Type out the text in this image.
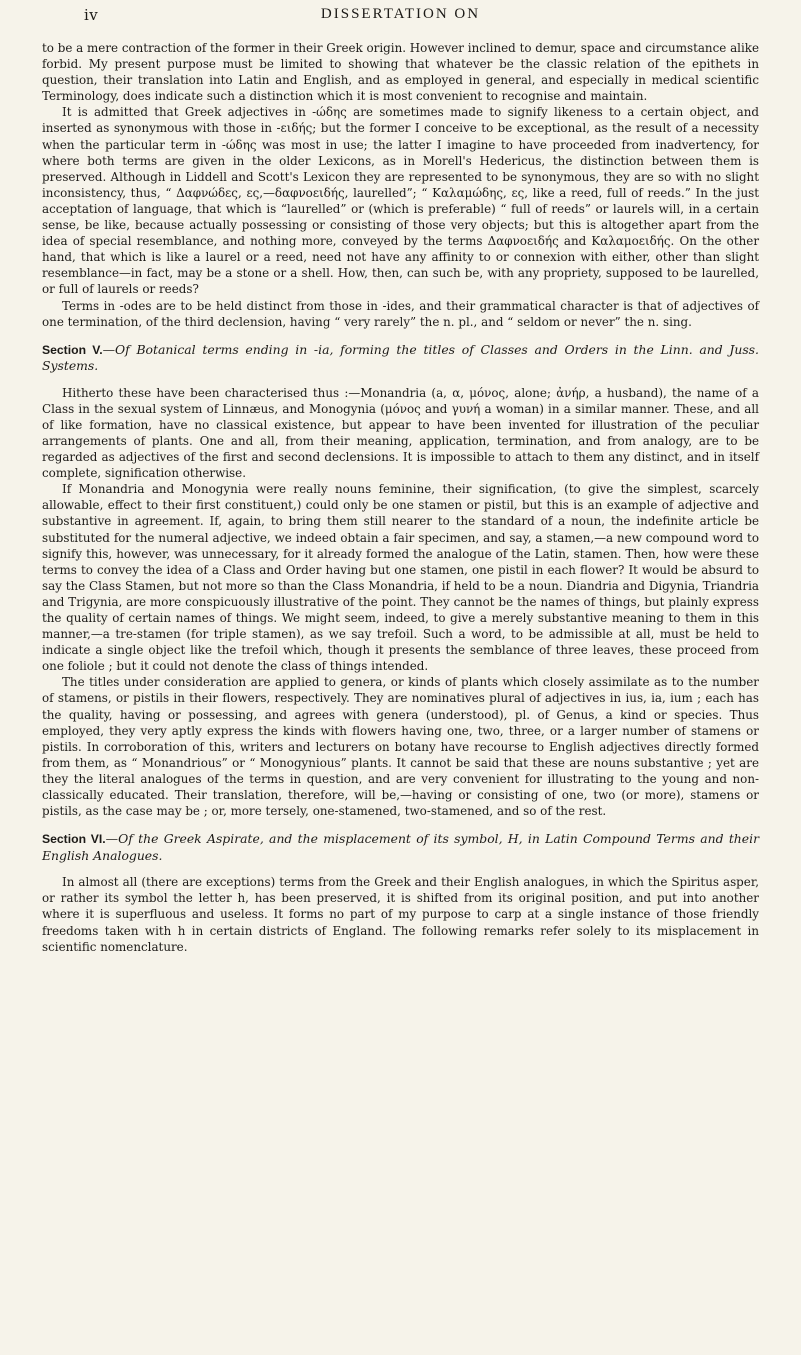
iv	DISSERTATION ON

to be a mere contraction of the former in their Greek origin. However inclined to demur, space and circumstance alike forbid. My present purpose must be limited to showing that whatever be the classic relation of the epithets in question, their translation into Latin and English, and as employed in general, and especially in medical scientific Terminology, does indicate such a distinction which it is most convenient to recognise and maintain.

It is admitted that Greek adjectives in -ώδης are sometimes made to signify likeness to a certain object, and inserted as synonymous with those in -ειδής; but the former I conceive to be exceptional, as the result of a necessity when the particular term in -ώδης was most in use; the latter I imagine to have proceeded from inadvertency, for where both terms are given in the older Lexicons, as in Morell's Hedericus, the distinction between them is preserved. Although in Liddell and Scott's Lexicon they are represented to be synonymous, they are so with no slight inconsistency, thus, “ Δαφνώδες, ες,—δαφνοειδής, laurelled”; “ Καλαμώδης, ες, like a reed, full of reeds.” In the just acceptation of language, that which is “laurelled” or (which is preferable) “ full of reeds” or laurels will, in a certain sense, be like, because actually possessing or consisting of those very objects; but this is altogether apart from the idea of special resemblance, and nothing more, conveyed by the terms Δαφνοειδής and Καλαμοειδής. On the other hand, that which is like a laurel or a reed, need not have any affinity to or connexion with either, other than slight resemblance—in fact, may be a stone or a shell. How, then, can such be, with any propriety, supposed to be laurelled, or full of laurels or reeds?

Terms in -odes are to be held distinct from those in -ides, and their grammatical character is that of adjectives of one termination, of the third declension, having “ very rarely” the n. pl., and “ seldom or never” the n. sing.

Section V.—Of Botanical terms ending in -ia, forming the titles of Classes and Orders in the Linn. and Juss. Systems.

Hitherto these have been characterised thus :—Monandria (a, α, μόνος, alone; ἀνήρ, a husband), the name of a Class in the sexual system of Linnæus, and Monogynia (μόνος and γυνή a woman) in a similar manner. These, and all of like formation, have no classical existence, but appear to have been invented for illustration of the peculiar arrangements of plants. One and all, from their meaning, application, termination, and from analogy, are to be regarded as adjectives of the first and second declensions. It is impossible to attach to them any distinct, and in itself complete, signification otherwise.

If Monandria and Monogynia were really nouns feminine, their signification, (to give the simplest, scarcely allowable, effect to their first constituent,) could only be one stamen or pistil, but this is an example of adjective and substantive in agreement. If, again, to bring them still nearer to the standard of a noun, the indefinite article be substituted for the numeral adjective, we indeed obtain a fair specimen, and say, a stamen,—a new compound word to signify this, however, was unnecessary, for it already formed the analogue of the Latin, stamen. Then, how were these terms to convey the idea of a Class and Order having but one stamen, one pistil in each flower? It would be absurd to say the Class Stamen, but not more so than the Class Monandria, if held to be a noun. Diandria and Digynia, Triandria and Trigynia, are more conspicuously illustrative of the point. They cannot be the names of things, but plainly express the quality of certain names of things. We might seem, indeed, to give a merely substantive meaning to them in this manner,—a tre-stamen (for triple stamen), as we say trefoil. Such a word, to be admissible at all, must be held to indicate a single object like the trefoil which, though it presents the semblance of three leaves, these proceed from one foliole ; but it could not denote the class of things intended.

The titles under consideration are applied to genera, or kinds of plants which closely assimilate as to the number of stamens, or pistils in their flowers, respectively. They are nominatives plural of adjectives in ius, ia, ium ; each has the quality, having or possessing, and agrees with genera (understood), pl. of Genus, a kind or species. Thus employed, they very aptly express the kinds with flowers having one, two, three, or a larger number of stamens or pistils. In corroboration of this, writers and lecturers on botany have recourse to English adjectives directly formed from them, as “ Monandrious” or “ Monogynious” plants. It cannot be said that these are nouns substantive ; yet are they the literal analogues of the terms in question, and are very convenient for illustrating to the young and non-classically educated. Their translation, therefore, will be,—having or consisting of one, two (or more), stamens or pistils, as the case may be ; or, more tersely, one-stamened, two-stamened, and so of the rest.

Section VI.—Of the Greek Aspirate, and the misplacement of its symbol, H, in Latin Compound Terms and their English Analogues.

In almost all (there are exceptions) terms from the Greek and their English analogues, in which the Spiritus asper, or rather its symbol the letter h, has been preserved, it is shifted from its original position, and put into another where it is superfluous and useless. It forms no part of my purpose to carp at a single instance of those friendly freedoms taken with h in certain districts of England. The following remarks refer solely to its misplacement in scientific nomenclature.
